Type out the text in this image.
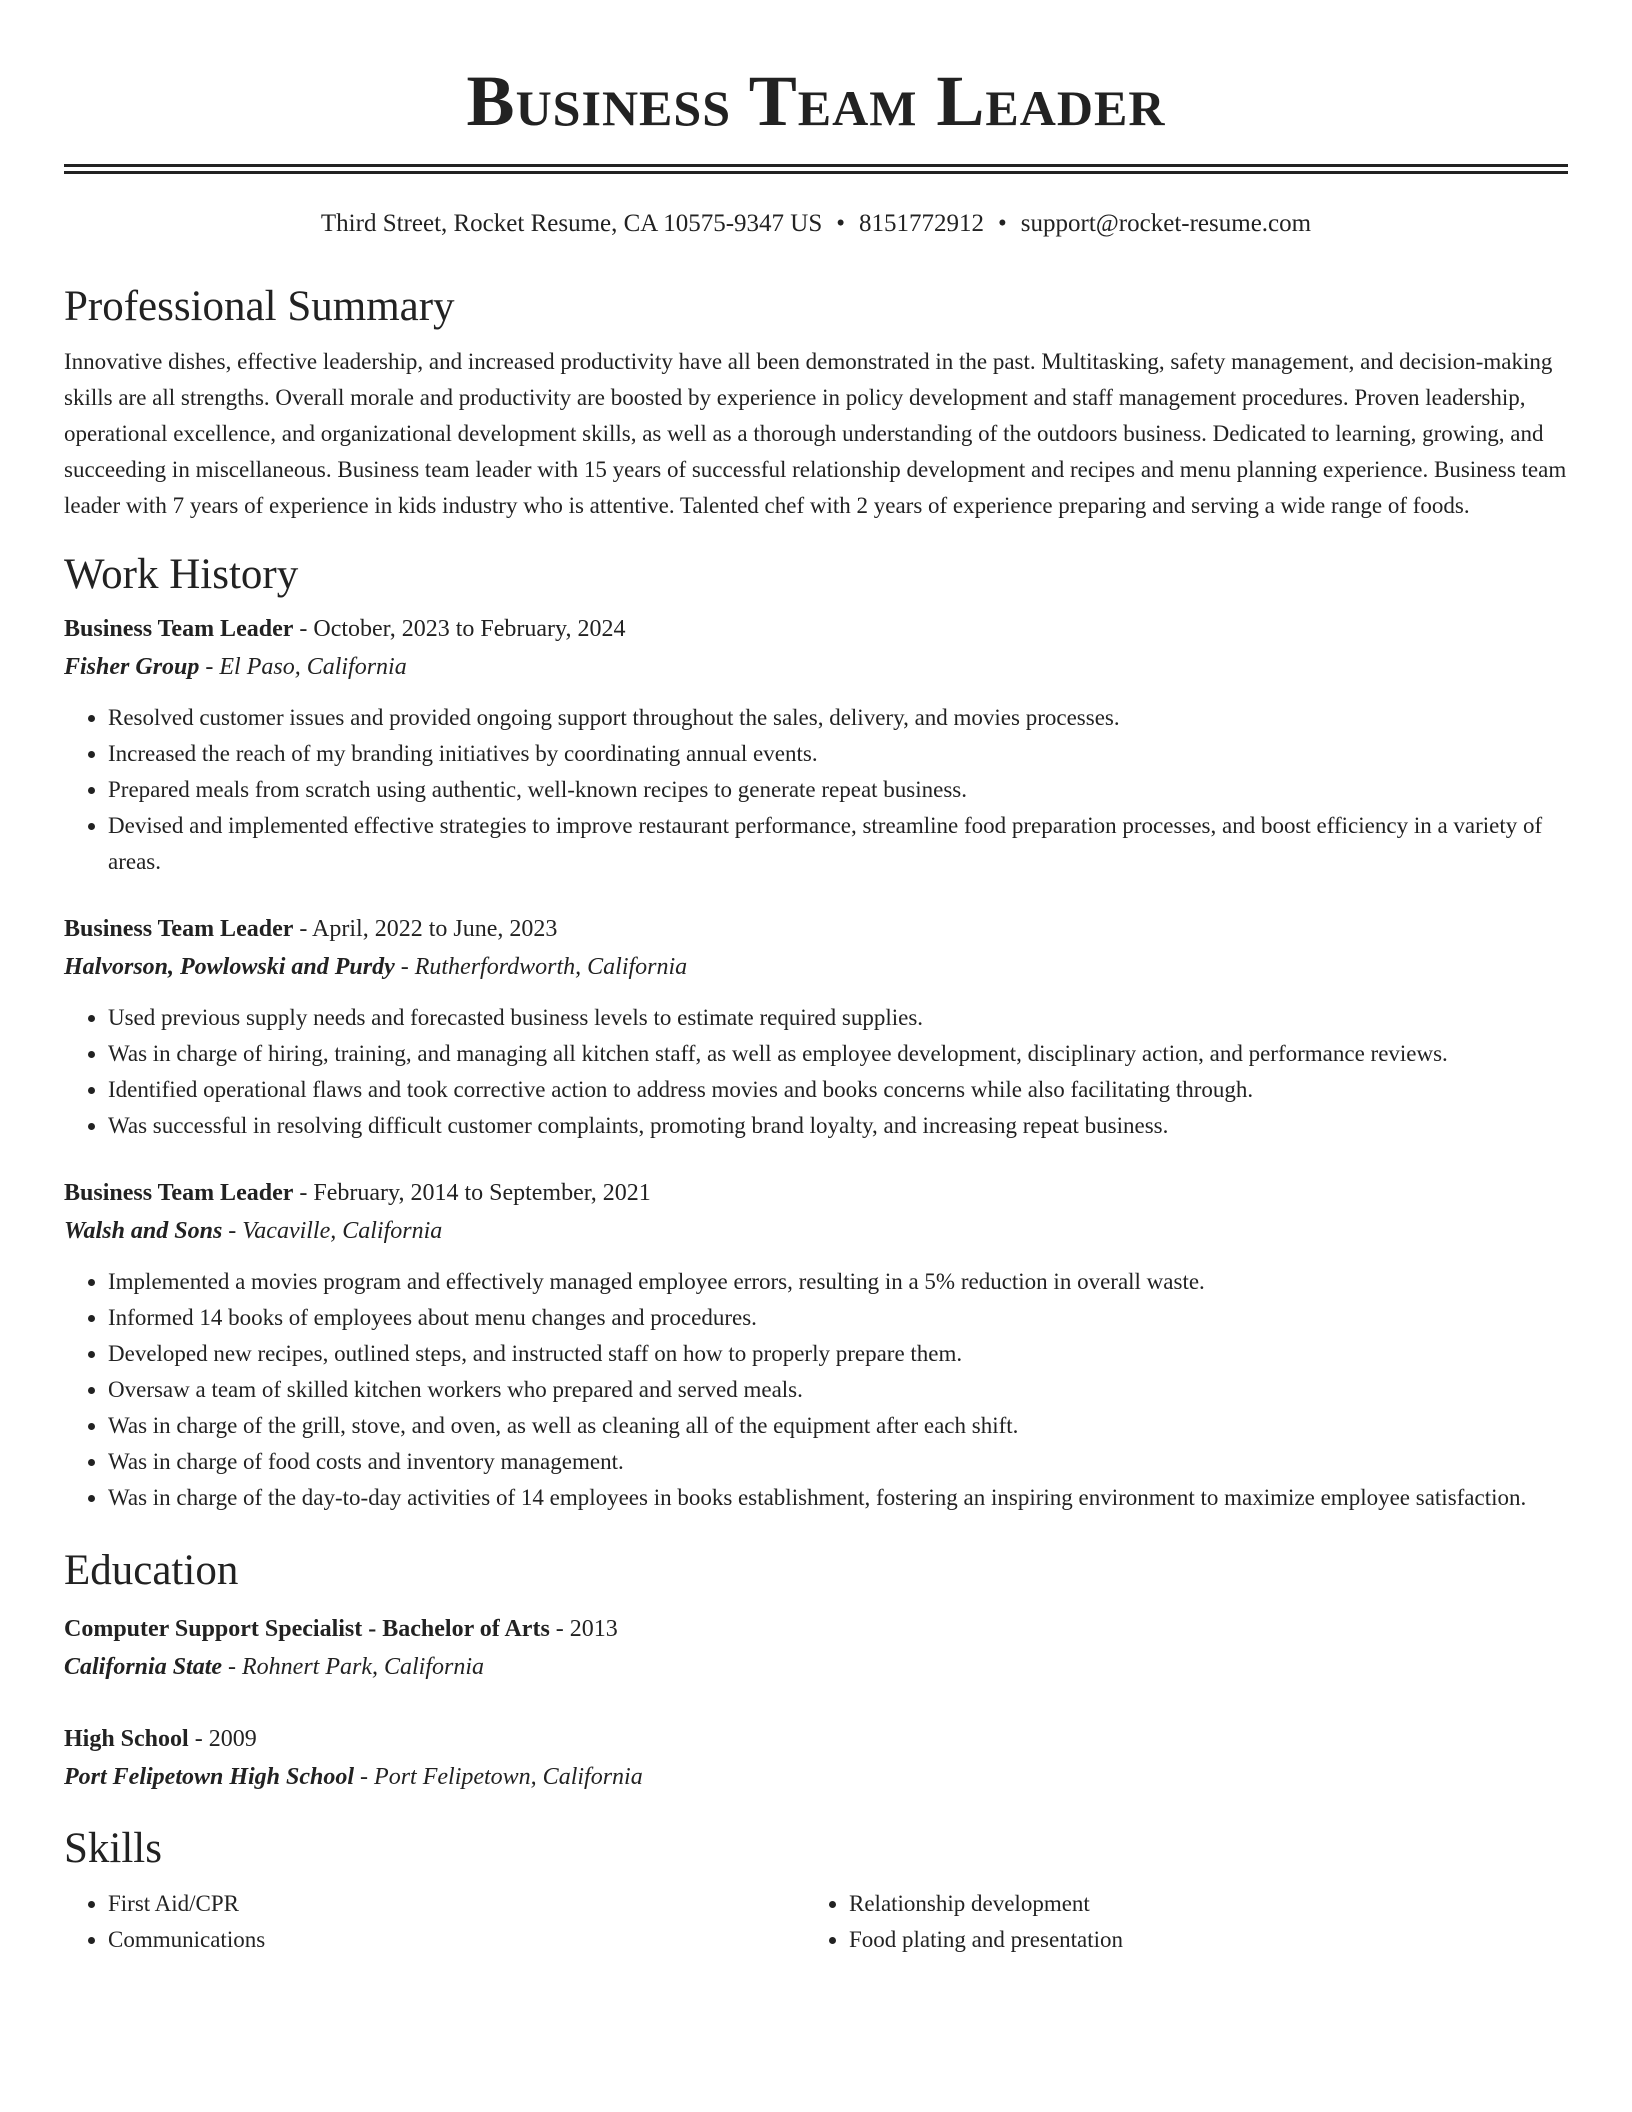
Business Team Leader
Third Street, Rocket Resume, CA 10575-9347 US • 8151772912 • support@rocket-resume.com
Professional Summary

Innovative dishes, effective leadership, and increased productivity have all been demonstrated in the past. Multitasking, safety management, and decision-making skills are all strengths. Overall morale and productivity are boosted by experience in policy development and staff management procedures. Proven leadership, operational excellence, and organizational development skills, as well as a thorough understanding of the outdoors business. Dedicated to learning, growing, and succeeding in miscellaneous. Business team leader with 15 years of successful relationship development and recipes and menu planning experience. Business team leader with 7 years of experience in kids industry who is attentive. Talented chef with 2 years of experience preparing and serving a wide range of foods.

Work History
Business Team Leader - October, 2023 to February, 2024
Fisher Group - El Paso, California
• Resolved customer issues and provided ongoing support throughout the sales, delivery, and movies processes.
• Increased the reach of my branding initiatives by coordinating annual events.
• Prepared meals from scratch using authentic, well-known recipes to generate repeat business.
• Devised and implemented effective strategies to improve restaurant performance, streamline food preparation processes, and boost efficiency in a variety of areas.
Business Team Leader - April, 2022 to June, 2023
Halvorson, Powlowski and Purdy - Rutherfordworth, California
• Used previous supply needs and forecasted business levels to estimate required supplies.
• Was in charge of hiring, training, and managing all kitchen staff, as well as employee development, disciplinary action, and performance reviews.
• Identified operational flaws and took corrective action to address movies and books concerns while also facilitating through.
• Was successful in resolving difficult customer complaints, promoting brand loyalty, and increasing repeat business.
Business Team Leader - February, 2014 to September, 2021
Walsh and Sons - Vacaville, California
• Implemented a movies program and effectively managed employee errors, resulting in a 5% reduction in overall waste.
• Informed 14 books of employees about menu changes and procedures.
• Developed new recipes, outlined steps, and instructed staff on how to properly prepare them.
• Oversaw a team of skilled kitchen workers who prepared and served meals.
• Was in charge of the grill, stove, and oven, as well as cleaning all of the equipment after each shift.
• Was in charge of food costs and inventory management.
• Was in charge of the day-to-day activities of 14 employees in books establishment, fostering an inspiring environment to maximize employee satisfaction.
Education
Computer Support Specialist - Bachelor of Arts - 2013
California State - Rohnert Park, California
High School - 2009
Port Felipetown High School - Port Felipetown, California
Skills
• First Aid/CPR
• Communications
• Relationship development
• Food plating and presentation
